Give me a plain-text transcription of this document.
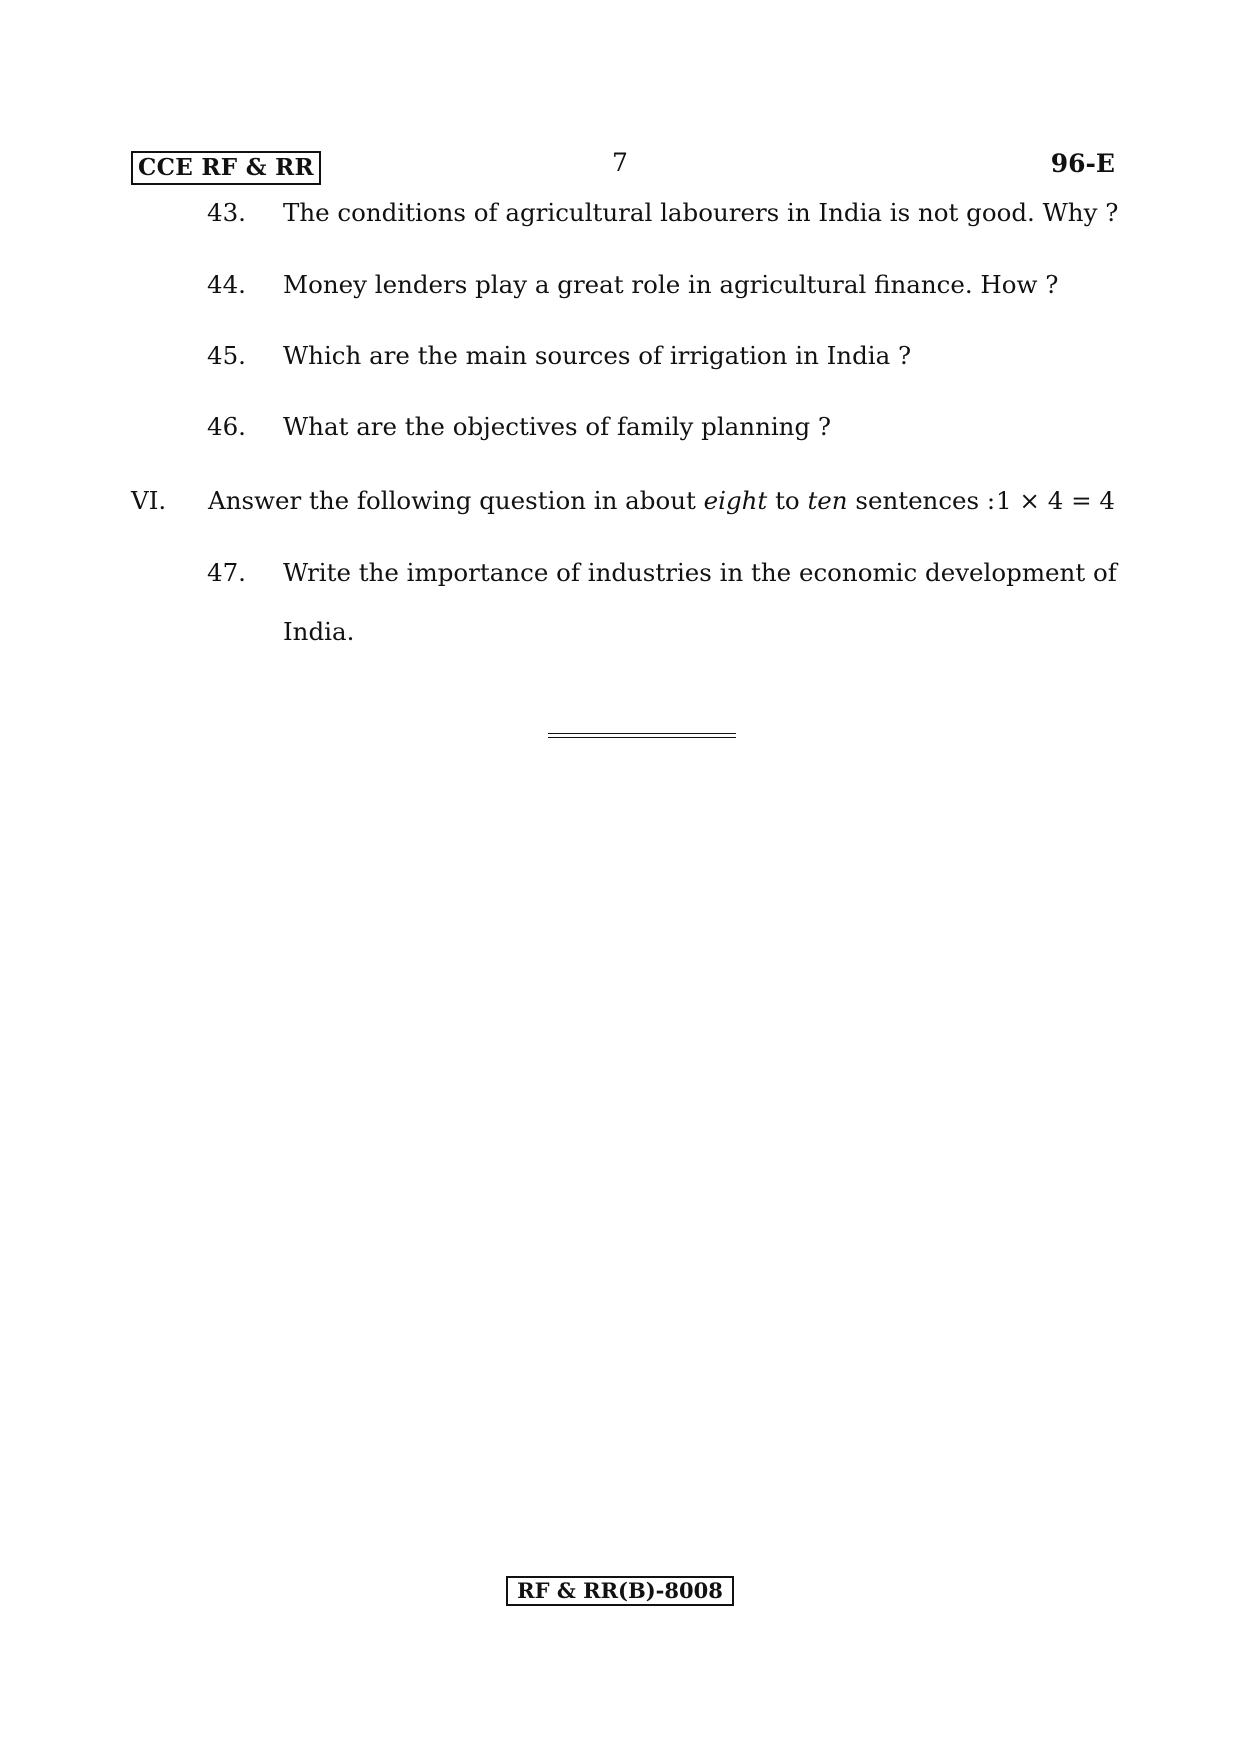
CCE RF & RR	7	96-E
43. The conditions of agricultural labourers in India is not good. Why ?
44. Money lenders play a great role in agricultural finance. How ?
45. Which are the main sources of irrigation in India ?
46. What are the objectives of family planning ?
VI. Answer the following question in about eight to ten sentences : 1 × 4 = 4
47. Write the importance of industries in the economic development of
India.
RF & RR(B)-8008
